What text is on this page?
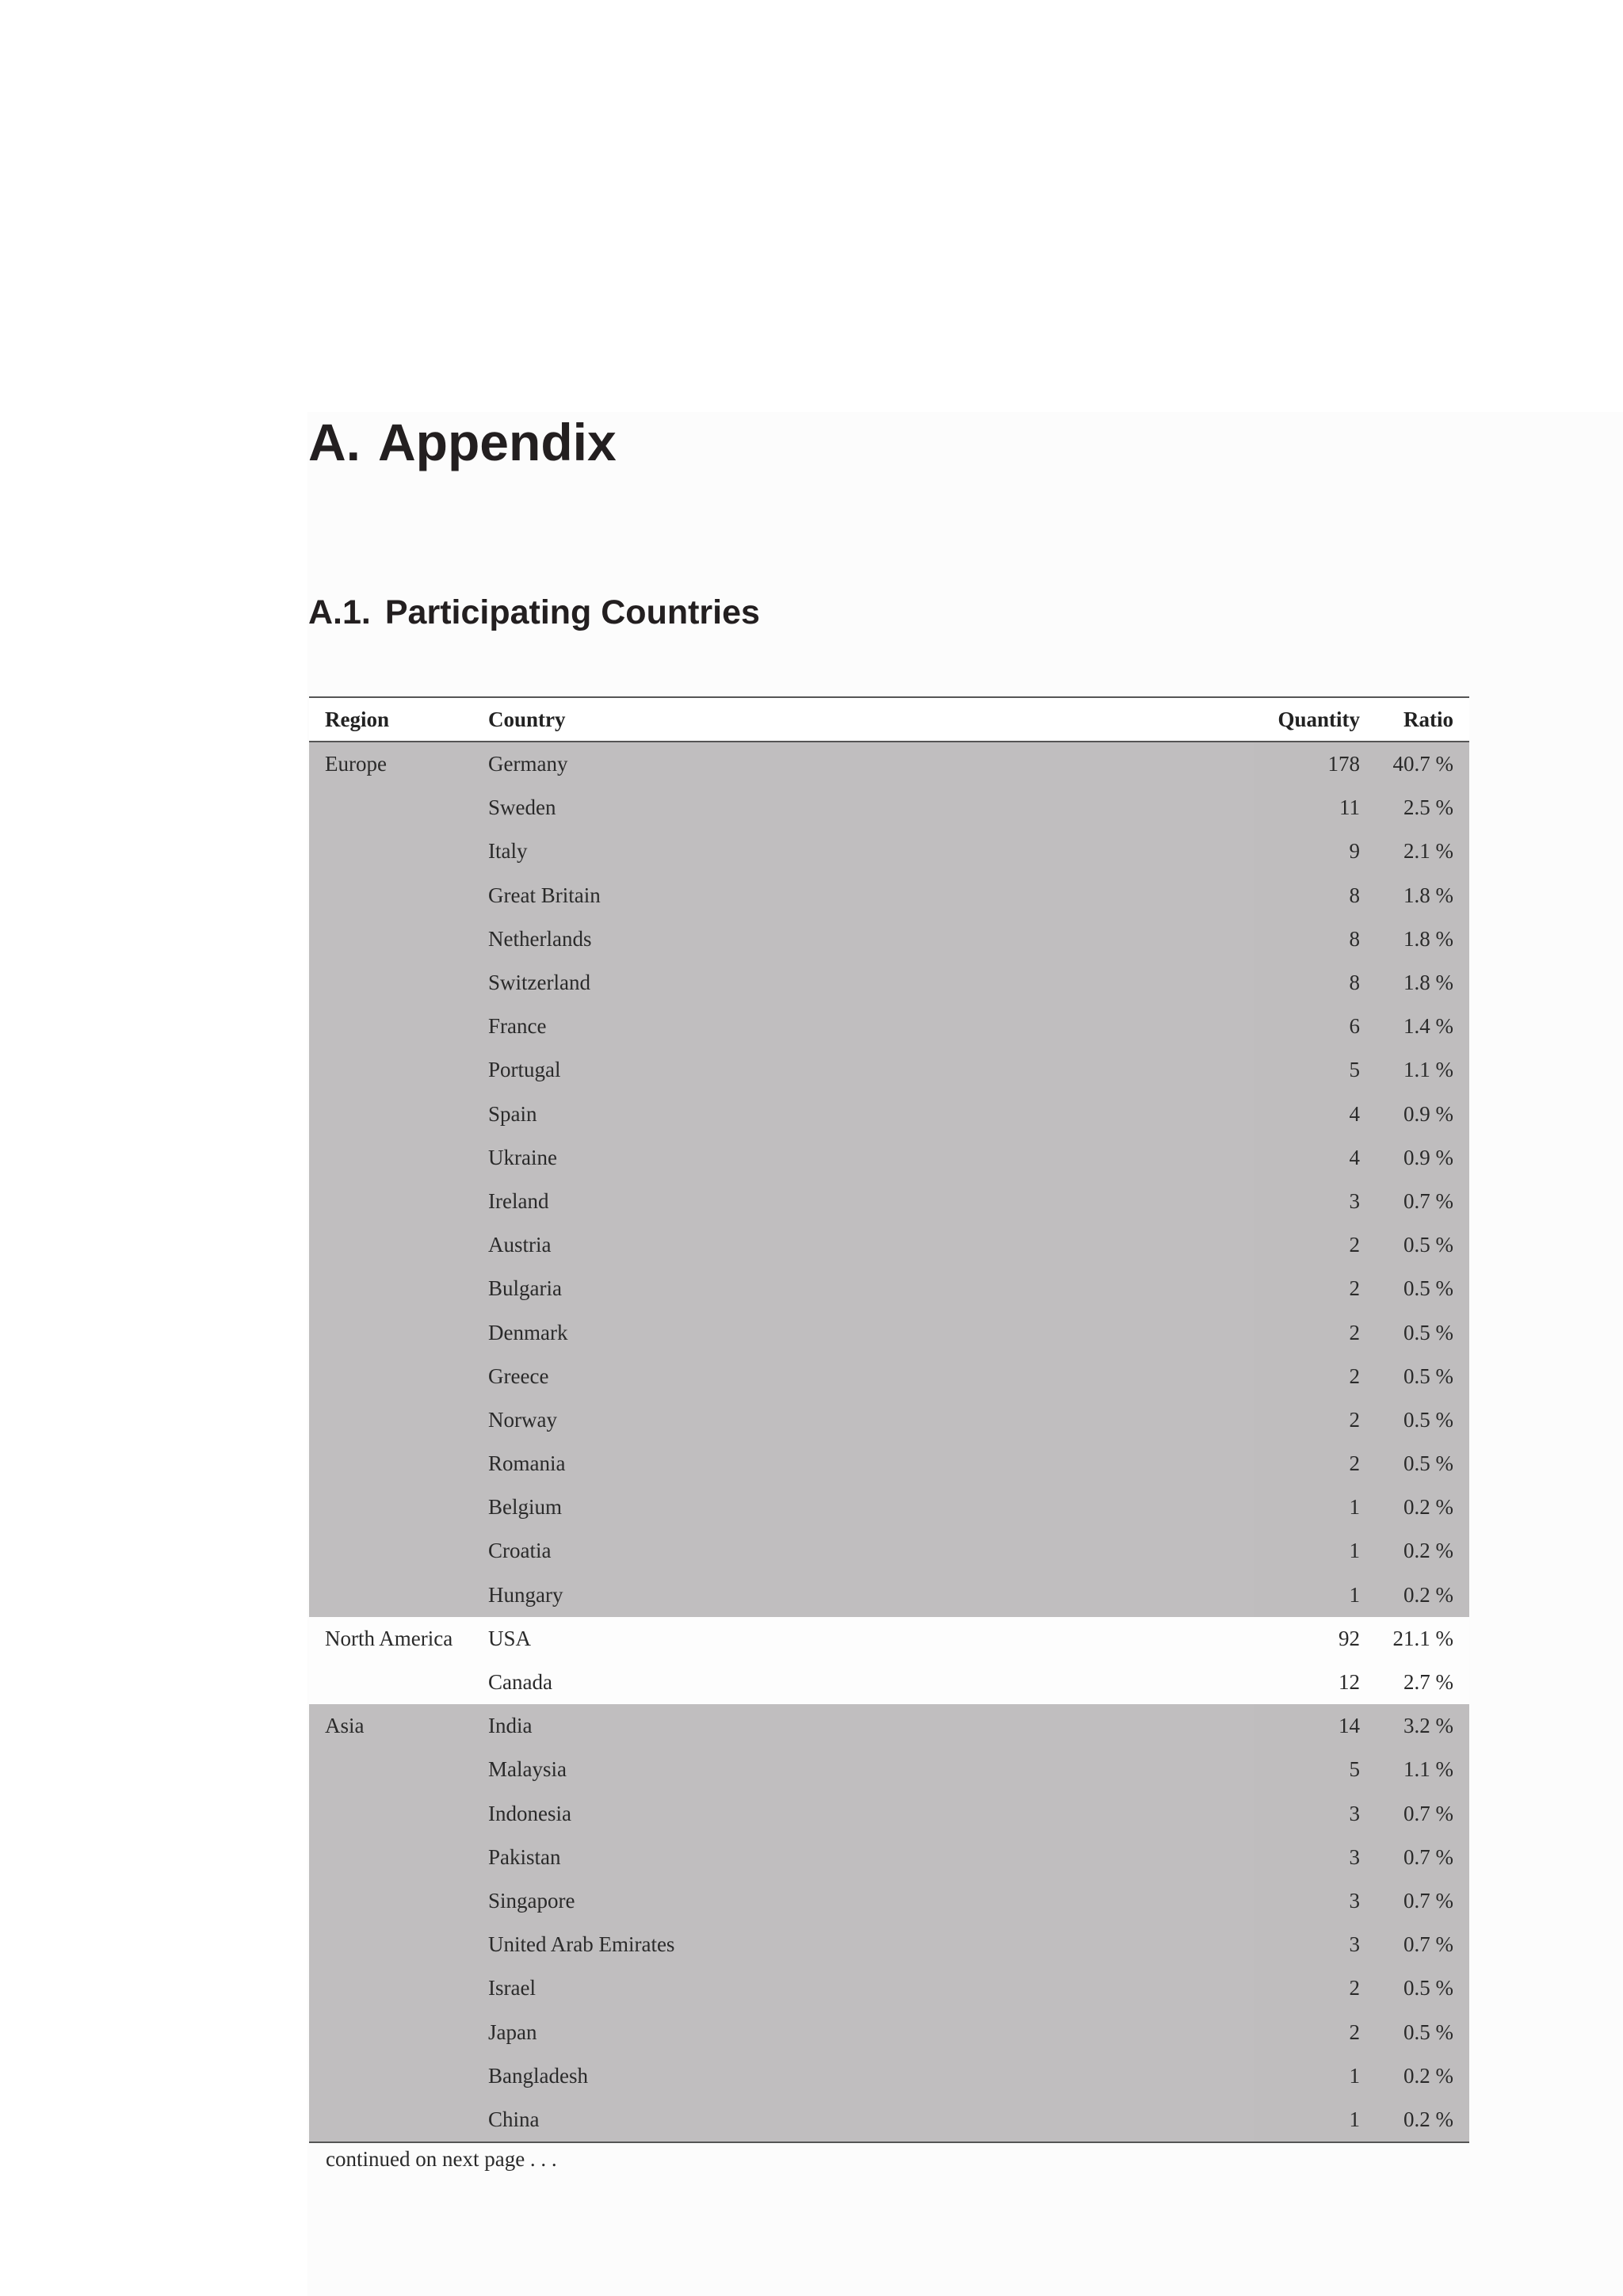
A. Appendix
A.1. Participating Countries
Region	Country	Quantity	Ratio
Europe	Germany	178	40.7 %
	Sweden	11	2.5 %
	Italy	9	2.1 %
	Great Britain	8	1.8 %
	Netherlands	8	1.8 %
	Switzerland	8	1.8 %
	France	6	1.4 %
	Portugal	5	1.1 %
	Spain	4	0.9 %
	Ukraine	4	0.9 %
	Ireland	3	0.7 %
	Austria	2	0.5 %
	Bulgaria	2	0.5 %
	Denmark	2	0.5 %
	Greece	2	0.5 %
	Norway	2	0.5 %
	Romania	2	0.5 %
	Belgium	1	0.2 %
	Croatia	1	0.2 %
	Hungary	1	0.2 %
North America	USA	92	21.1 %
	Canada	12	2.7 %
Asia	India	14	3.2 %
	Malaysia	5	1.1 %
	Indonesia	3	0.7 %
	Pakistan	3	0.7 %
	Singapore	3	0.7 %
	United Arab Emirates	3	0.7 %
	Israel	2	0.5 %
	Japan	2	0.5 %
	Bangladesh	1	0.2 %
	China	1	0.2 %
continued on next page . . .
